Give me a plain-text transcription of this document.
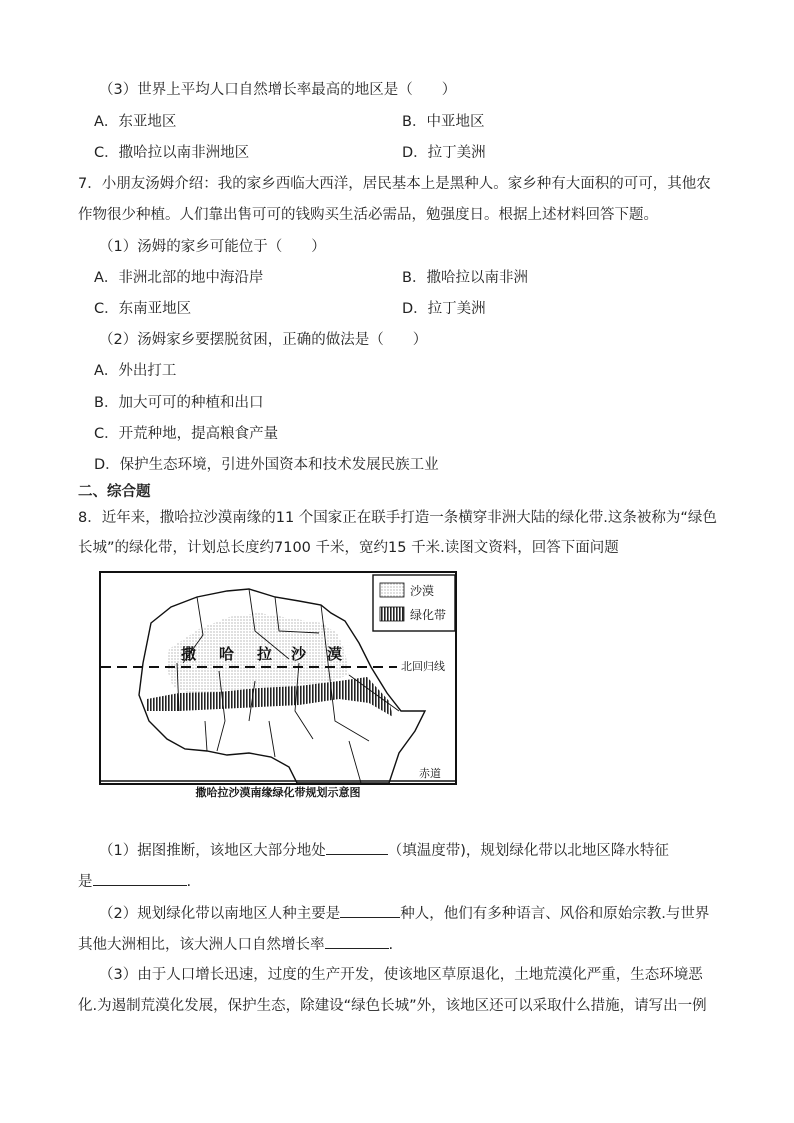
（3）世界上平均人口自然增长率最高的地区是（　　）
A．东亚地区	B．中亚地区
C．撒哈拉以南非洲地区	D．拉丁美洲
7．小朋友汤姆介绍：我的家乡西临大西洋，居民基本上是黑种人。家乡种有大面积的可可，其他农
作物很少种植。人们靠出售可可的钱购买生活必需品，勉强度日。根据上述材料回答下题。
（1）汤姆的家乡可能位于（　　）
A．非洲北部的地中海沿岸	B．撒哈拉以南非洲
C．东南亚地区	D．拉丁美洲
（2）汤姆家乡要摆脱贫困，正确的做法是（　　）
A．外出打工
B．加大可可的种植和出口
C．开荒种地，提高粮食产量
D．保护生态环境，引进外国资本和技术发展民族工业
二、综合题
8．近年来，撒哈拉沙漠南缘的11 个国家正在联手打造一条横穿非洲大陆的绿化带.这条被称为“绿色
长城”的绿化带，计划总长度约7100 千米，宽约15 千米.读图文资料，回答下面问题
北回归线
赤道
撒 哈 拉 沙 漠
沙漠
绿化带
撒哈拉沙漠南缘绿化带规划示意图
（1）据图推断，该地区大部分地处	（填温度带)，规划绿化带以北地区降水特征
是	.
（2）规划绿化带以南地区人种主要是	种人，他们有多种语言、风俗和原始宗教.与世界
其他大洲相比，该大洲人口自然增长率	.
（3）由于人口增长迅速，过度的生产开发，使该地区草原退化，土地荒漠化严重，生态环境恶
化.为遏制荒漠化发展，保护生态，除建设“绿色长城”外，该地区还可以采取什么措施，请写出一例
